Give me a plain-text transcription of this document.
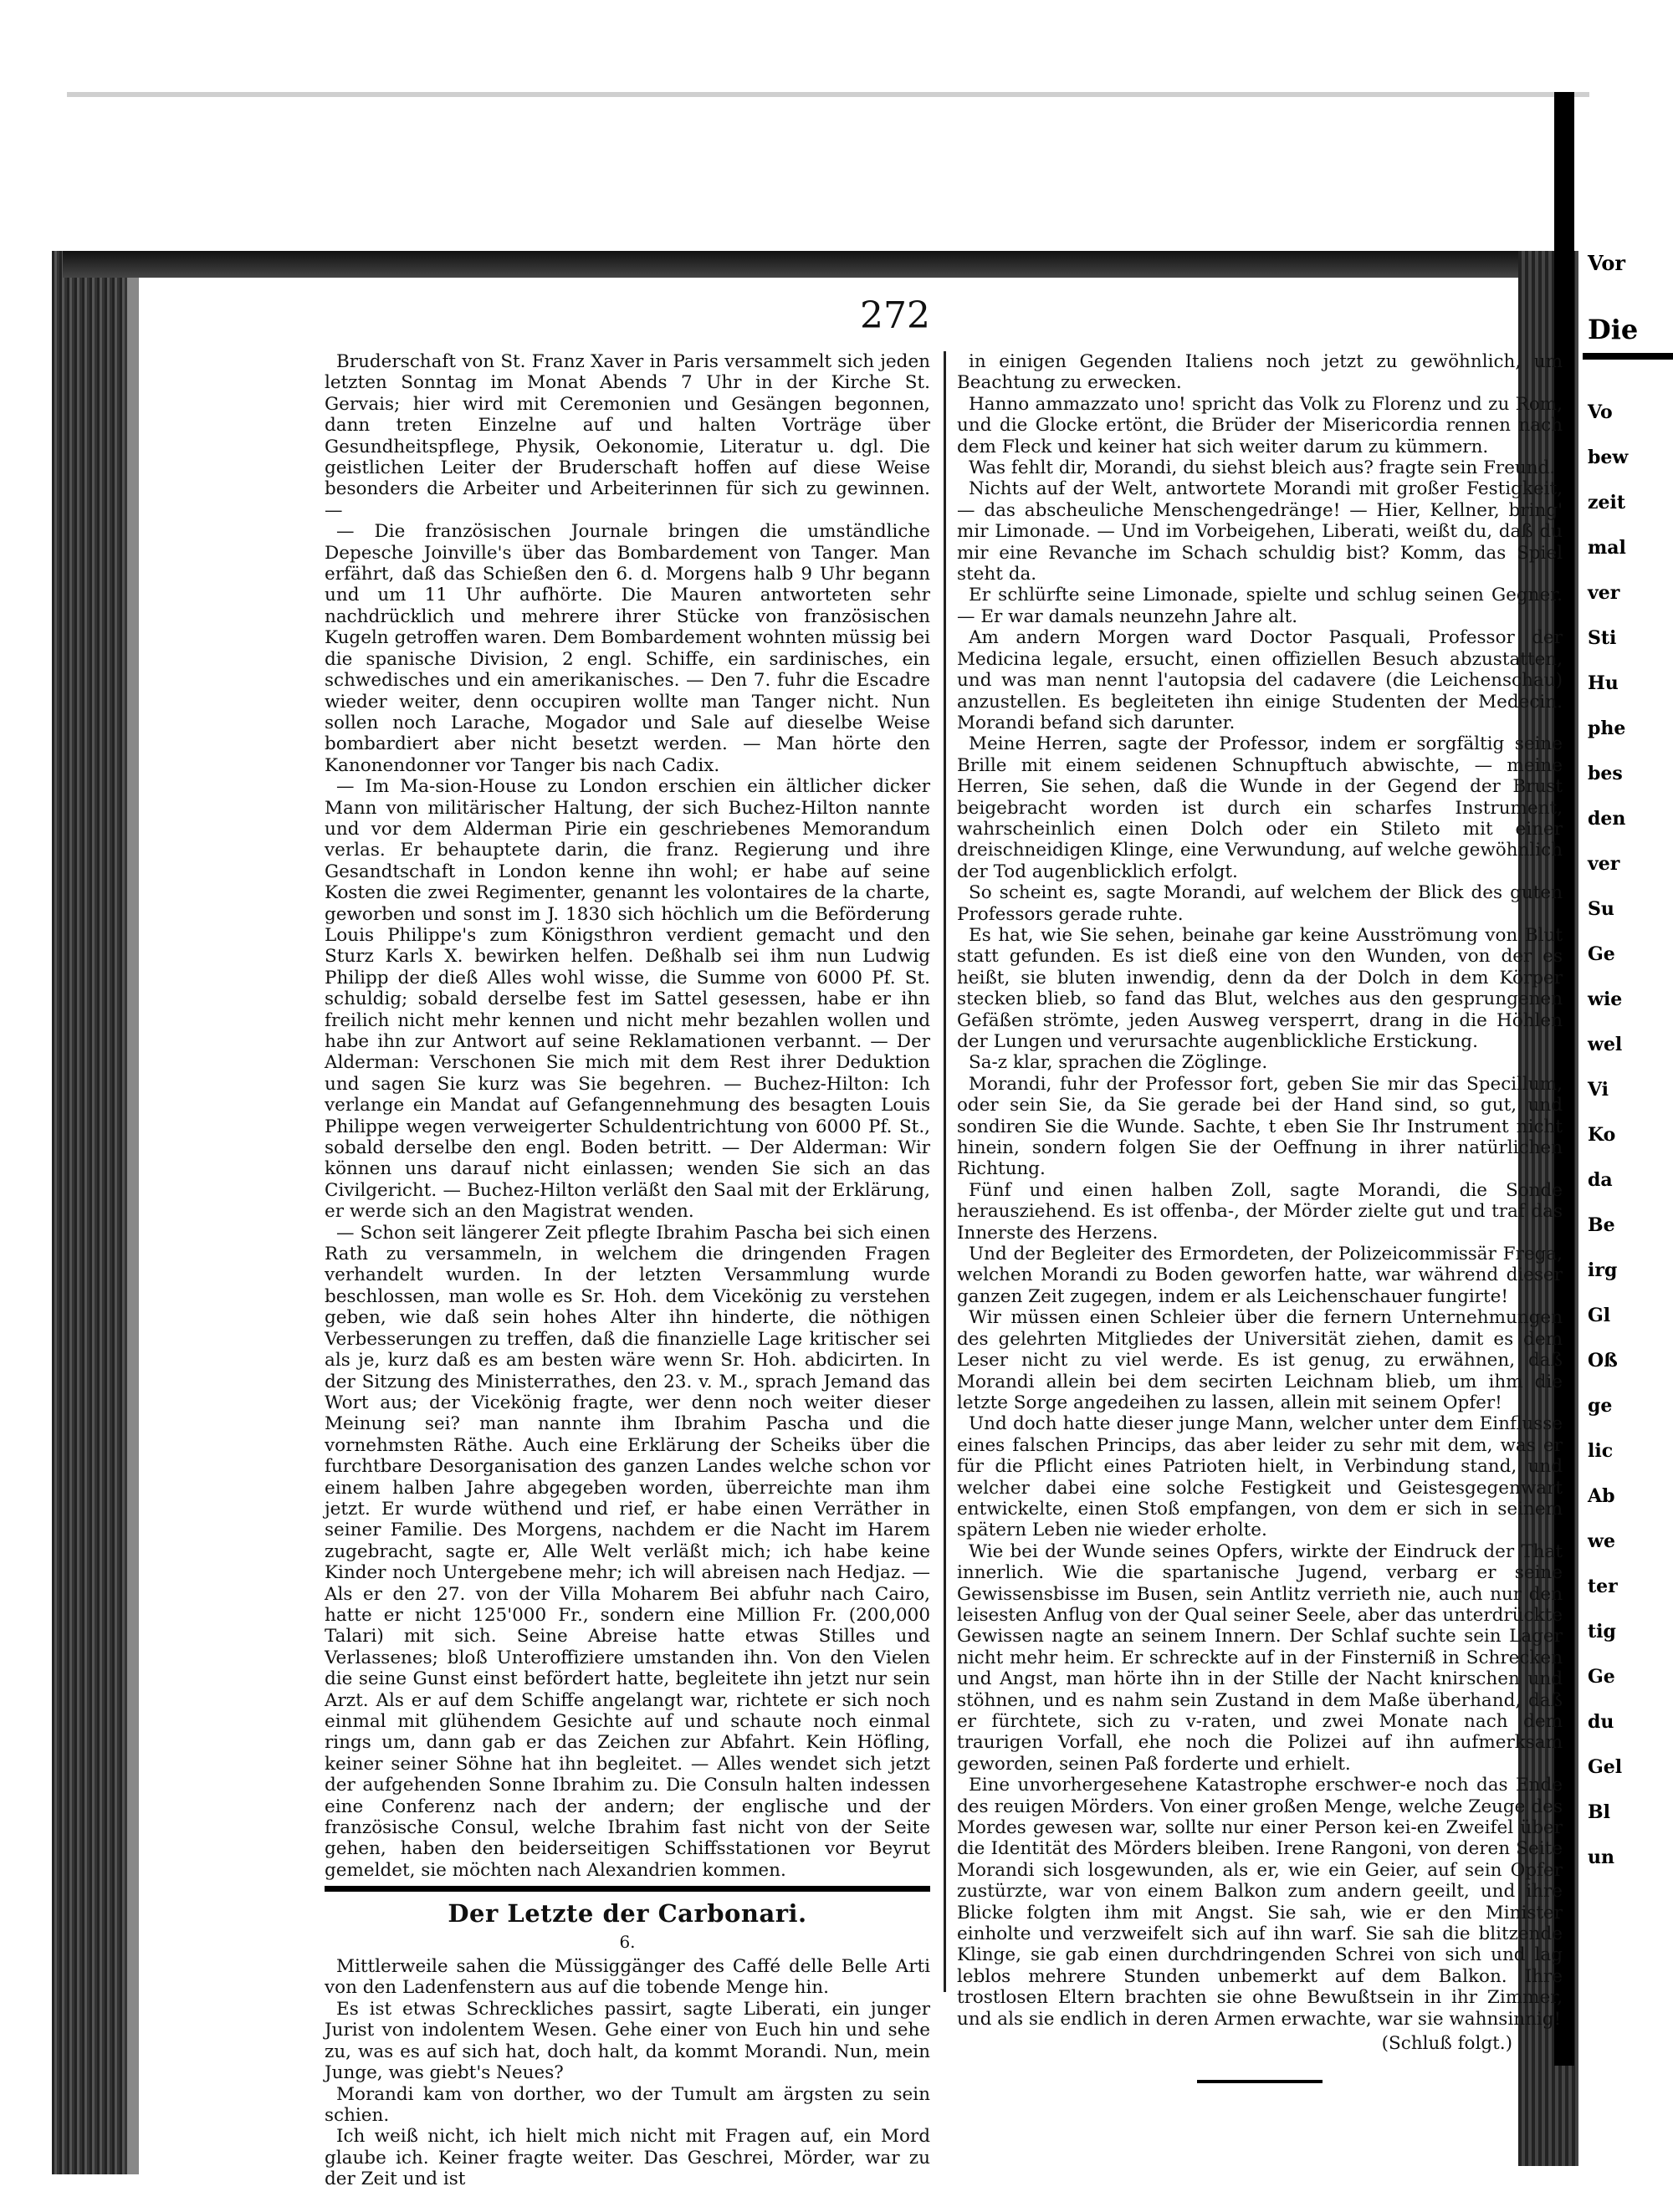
Vor
Die
Vo
bew
zeit
mal
ver
Sti
Hu
phe
bes
den
ver
Su
Ge
wie
wel
Vi
Ko
da
Be
irg
Gl
Oß
ge
lic
Ab
we
ter
tig
Ge
du
Gel
Bl
un
272

Bruderschaft von St. Franz Xaver in Paris versammelt sich jeden letzten Sonntag im Monat Abends 7 Uhr in der Kirche St. Gervais; hier wird mit Ceremonien und Gesängen begonnen, dann treten Einzelne auf und halten Vorträge über Gesundheitspflege, Physik, Oekonomie, Literatur u. dgl. Die geistlichen Leiter der Bruderschaft hoffen auf diese Weise besonders die Arbeiter und Arbeiterinnen für sich zu gewinnen. —

— Die französischen Journale bringen die umständliche Depesche Joinville's über das Bombardement von Tanger. Man erfährt, daß das Schießen den 6. d. Morgens halb 9 Uhr begann und um 11 Uhr aufhörte. Die Mauren antworteten sehr nachdrücklich und mehrere ihrer Stücke von französischen Kugeln getroffen waren. Dem Bombardement wohnten müssig bei die spanische Division, 2 engl. Schiffe, ein sardinisches, ein schwedisches und ein amerikanisches. — Den 7. fuhr die Escadre wieder weiter, denn occupiren wollte man Tanger nicht. Nun sollen noch Larache, Mogador und Sale auf dieselbe Weise bombardiert aber nicht besetzt werden. — Man hörte den Kanonendonner vor Tanger bis nach Cadix.

— Im Ma-sion-House zu London erschien ein ältlicher dicker Mann von militärischer Haltung, der sich Buchez-Hilton nannte und vor dem Alderman Pirie ein geschriebenes Memorandum verlas. Er behauptete darin, die franz. Regierung und ihre Gesandtschaft in London kenne ihn wohl; er habe auf seine Kosten die zwei Regimenter, genannt les volontaires de la charte, geworben und sonst im J. 1830 sich höchlich um die Beförderung Louis Philippe's zum Königsthron verdient gemacht und den Sturz Karls X. bewirken helfen. Deßhalb sei ihm nun Ludwig Philipp der dieß Alles wohl wisse, die Summe von 6000 Pf. St. schuldig; sobald derselbe fest im Sattel gesessen, habe er ihn freilich nicht mehr kennen und nicht mehr bezahlen wollen und habe ihn zur Antwort auf seine Reklamationen verbannt. — Der Alderman: Verschonen Sie mich mit dem Rest ihrer Deduktion und sagen Sie kurz was Sie begehren. — Buchez-Hilton: Ich verlange ein Mandat auf Gefangennehmung des besagten Louis Philippe wegen verweigerter Schuldentrichtung von 6000 Pf. St., sobald derselbe den engl. Boden betritt. — Der Alderman: Wir können uns darauf nicht einlassen; wenden Sie sich an das Civilgericht. — Buchez-Hilton verläßt den Saal mit der Erklärung, er werde sich an den Magistrat wenden.

— Schon seit längerer Zeit pflegte Ibrahim Pascha bei sich einen Rath zu versammeln, in welchem die dringenden Fragen verhandelt wurden. In der letzten Versammlung wurde beschlossen, man wolle es Sr. Hoh. dem Vicekönig zu verstehen geben, wie daß sein hohes Alter ihn hinderte, die nöthigen Verbesserungen zu treffen, daß die finanzielle Lage kritischer sei als je, kurz daß es am besten wäre wenn Sr. Hoh. abdicirten. In der Sitzung des Ministerrathes, den 23. v. M., sprach Jemand das Wort aus; der Vicekönig fragte, wer denn noch weiter dieser Meinung sei? man nannte ihm Ibrahim Pascha und die vornehmsten Räthe. Auch eine Erklärung der Scheiks über die furchtbare Desorganisation des ganzen Landes welche schon vor einem halben Jahre abgegeben worden, überreichte man ihm jetzt. Er wurde wüthend und rief, er habe einen Verräther in seiner Familie. Des Morgens, nachdem er die Nacht im Harem zugebracht, sagte er, Alle Welt verläßt mich; ich habe keine Kinder noch Untergebene mehr; ich will abreisen nach Hedjaz. — Als er den 27. von der Villa Moharem Bei abfuhr nach Cairo, hatte er nicht 125'000 Fr., sondern eine Million Fr. (200,000 Talari) mit sich. Seine Abreise hatte etwas Stilles und Verlassenes; bloß Unteroffiziere umstanden ihn. Von den Vielen die seine Gunst einst befördert hatte, begleitete ihn jetzt nur sein Arzt. Als er auf dem Schiffe angelangt war, richtete er sich noch einmal mit glühendem Gesichte auf und schaute noch einmal rings um, dann gab er das Zeichen zur Abfahrt. Kein Höfling, keiner seiner Söhne hat ihn begleitet. — Alles wendet sich jetzt der aufgehenden Sonne Ibrahim zu. Die Consuln halten indessen eine Conferenz nach der andern; der englische und der französische Consul, welche Ibrahim fast nicht von der Seite gehen, haben den beiderseitigen Schiffsstationen vor Beyrut gemeldet, sie möchten nach Alexandrien kommen.

Der Letzte der Carbonari.
6.

Mittlerweile sahen die Müssiggänger des Caffé delle Belle Arti von den Ladenfenstern aus auf die tobende Menge hin.

Es ist etwas Schreckliches passirt, sagte Liberati, ein junger Jurist von indolentem Wesen. Gehe einer von Euch hin und sehe zu, was es auf sich hat, doch halt, da kommt Morandi. Nun, mein Junge, was giebt's Neues?

Morandi kam von dorther, wo der Tumult am ärgsten zu sein schien.

Ich weiß nicht, ich hielt mich nicht mit Fragen auf, ein Mord glaube ich. Keiner fragte weiter. Das Geschrei, Mörder, war zu der Zeit und ist

in einigen Gegenden Italiens noch jetzt zu gewöhnlich, um Beachtung zu erwecken.

Hanno ammazzato uno! spricht das Volk zu Florenz und zu Rom, und die Glocke ertönt, die Brüder der Misericordia rennen nach dem Fleck und keiner hat sich weiter darum zu kümmern.

Was fehlt dir, Morandi, du siehst bleich aus? fragte sein Freund.

Nichts auf der Welt, antwortete Morandi mit großer Festigkeit, — das abscheuliche Menschengedränge! — Hier, Kellner, bring' mir Limonade. — Und im Vorbeigehen, Liberati, weißt du, daß du mir eine Revanche im Schach schuldig bist? Komm, das Spiel steht da.

Er schlürfte seine Limonade, spielte und schlug seinen Gegner. — Er war damals neunzehn Jahre alt.

Am andern Morgen ward Doctor Pasquali, Professor der Medicina legale, ersucht, einen offiziellen Besuch abzustatten, und was man nennt l'autopsia del cadavere (die Leichenschau) anzustellen. Es begleiteten ihn einige Studenten der Medecin. Morandi befand sich darunter.

Meine Herren, sagte der Professor, indem er sorgfältig seine Brille mit einem seidenen Schnupftuch abwischte, — meine Herren, Sie sehen, daß die Wunde in der Gegend der Brust beigebracht worden ist durch ein scharfes Instrument, wahrscheinlich einen Dolch oder ein Stileto mit einer dreischneidigen Klinge, eine Verwundung, auf welche gewöhnlich der Tod augenblicklich erfolgt.

So scheint es, sagte Morandi, auf welchem der Blick des guten Professors gerade ruhte.

Es hat, wie Sie sehen, beinahe gar keine Ausströmung von Blut statt gefunden. Es ist dieß eine von den Wunden, von der es heißt, sie bluten inwendig, denn da der Dolch in dem Körper stecken blieb, so fand das Blut, welches aus den gesprungenen Gefäßen strömte, jeden Ausweg versperrt, drang in die Höhlen der Lungen und verursachte augenblickliche Erstickung.

Sa-z klar, sprachen die Zöglinge.

Morandi, fuhr der Professor fort, geben Sie mir das Specillum, oder sein Sie, da Sie gerade bei der Hand sind, so gut, und sondiren Sie die Wunde. Sachte, t eben Sie Ihr Instrument nicht hinein, sondern folgen Sie der Oeffnung in ihrer natürlichen Richtung.

Fünf und einen halben Zoll, sagte Morandi, die Sonde herausziehend. Es ist offenba-, der Mörder zielte gut und traf das Innerste des Herzens.

Und der Begleiter des Ermordeten, der Polizeicommissär Frega, welchen Morandi zu Boden geworfen hatte, war während dieser ganzen Zeit zugegen, indem er als Leichenschauer fungirte!

Wir müssen einen Schleier über die fernern Unternehmungen des gelehrten Mitgliedes der Universität ziehen, damit es dem Leser nicht zu viel werde. Es ist genug, zu erwähnen, daß Morandi allein bei dem secirten Leichnam blieb, um ihm die letzte Sorge angedeihen zu lassen, allein mit seinem Opfer!

Und doch hatte dieser junge Mann, welcher unter dem Einflusse eines falschen Princips, das aber leider zu sehr mit dem, was er für die Pflicht eines Patrioten hielt, in Verbindung stand, und welcher dabei eine solche Festigkeit und Geistesgegenwart entwickelte, einen Stoß empfangen, von dem er sich in seinem spätern Leben nie wieder erholte.

Wie bei der Wunde seines Opfers, wirkte der Eindruck der That innerlich. Wie die spartanische Jugend, verbarg er seine Gewissensbisse im Busen, sein Antlitz verrieth nie, auch nur den leisesten Anflug von der Qual seiner Seele, aber das unterdrückte Gewissen nagte an seinem Innern. Der Schlaf suchte sein Lager nicht mehr heim. Er schreckte auf in der Finsterniß in Schrecken und Angst, man hörte ihn in der Stille der Nacht knirschen und stöhnen, und es nahm sein Zustand in dem Maße überhand, daß er fürchtete, sich zu v-raten, und zwei Monate nach dem traurigen Vorfall, ehe noch die Polizei auf ihn aufmerksam geworden, seinen Paß forderte und erhielt.

Eine unvorhergesehene Katastrophe erschwer-e noch das Ende des reuigen Mörders. Von einer großen Menge, welche Zeuge des Mordes gewesen war, sollte nur einer Person kei-en Zweifel über die Identität des Mörders bleiben. Irene Rangoni, von deren Seite Morandi sich losgewunden, als er, wie ein Geier, auf sein Opfer zustürzte, war von einem Balkon zum andern geeilt, und ihre Blicke folgten ihm mit Angst. Sie sah, wie er den Minister einholte und verzweifelt sich auf ihn warf. Sie sah die blitzende Klinge, sie gab einen durchdringenden Schrei von sich und lag leblos mehrere Stunden unbemerkt auf dem Balkon. Ihre trostlosen Eltern brachten sie ohne Bewußtsein in ihr Zimmer, und als sie endlich in deren Armen erwachte, war sie wahnsinnig!

(Schluß folgt.)
